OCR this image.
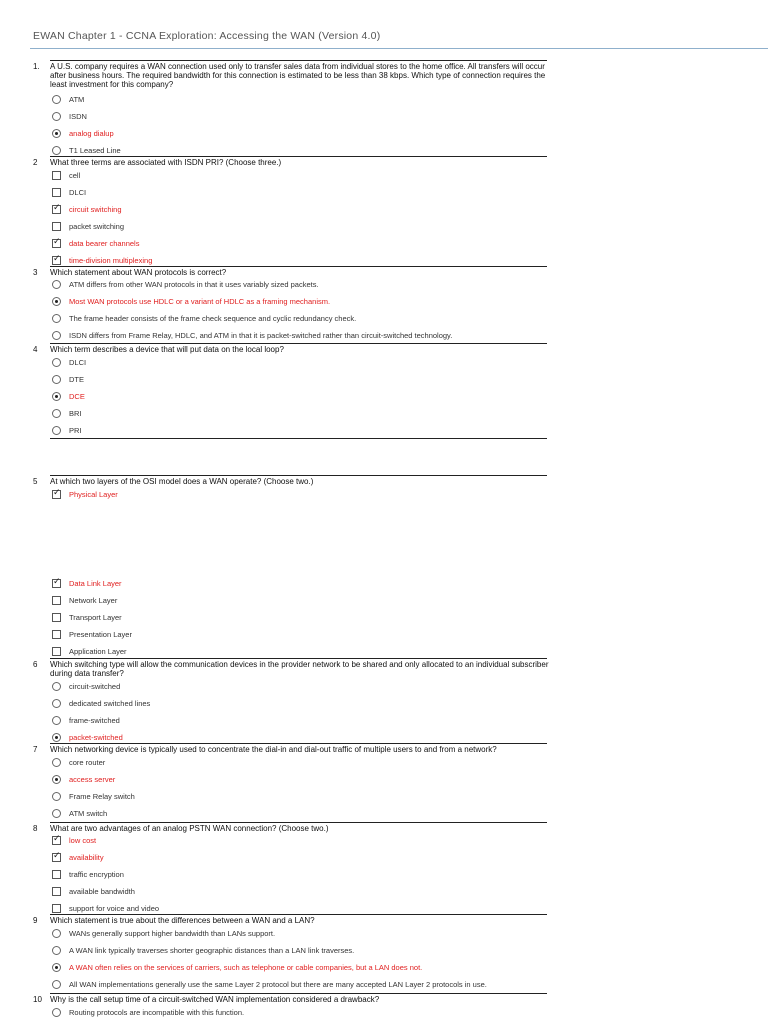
EWAN Chapter 1 - CCNA Exploration: Accessing the WAN (Version 4.0)
1. A U.S. company requires a WAN connection used only to transfer sales data from individual stores to the home office. All transfers will occur after business hours. The required bandwidth for this connection is estimated to be less than 38 kbps. Which type of connection requires the least investment for this company?
ATM
ISDN
analog dialup
T1 Leased Line
2 What three terms are associated with ISDN PRI? (Choose three.)
cell
DLCI
✓
circuit switching
packet switching
✓
data bearer channels
✓
time-division multiplexing
3 Which statement about WAN protocols is correct?
ATM differs from other WAN protocols in that it uses variably sized packets.
Most WAN protocols use HDLC or a variant of HDLC as a framing mechanism.
The frame header consists of the frame check sequence and cyclic redundancy check.
ISDN differs from Frame Relay, HDLC, and ATM in that it is packet-switched rather than circuit-switched technology.
4 Which term describes a device that will put data on the local loop?
DLCI
DTE
DCE
BRI
PRI
5 At which two layers of the OSI model does a WAN operate? (Choose two.)
✓
Physical Layer
✓
Data Link Layer
Network Layer
Transport Layer
Presentation Layer
Application Layer
6 Which switching type will allow the communication devices in the provider network to be shared and only allocated to an individual subscriber during data transfer?
circuit-switched
dedicated switched lines
frame-switched
packet-switched
7 Which networking device is typically used to concentrate the dial-in and dial-out traffic of multiple users to and from a network?
core router
access server
Frame Relay switch
ATM switch
8 What are two advantages of an analog PSTN WAN connection? (Choose two.)
✓
low cost
✓
availability
traffic encryption
available bandwidth
support for voice and video
9 Which statement is true about the differences between a WAN and a LAN?
WANs generally support higher bandwidth than LANs support.
A WAN link typically traverses shorter geographic distances than a LAN link traverses.
A WAN often relies on the services of carriers, such as telephone or cable companies, but a LAN does not.
All WAN implementations generally use the same Layer 2 protocol but there are many accepted LAN Layer 2 protocols in use.
10 Why is the call setup time of a circuit-switched WAN implementation considered a drawback?
Routing protocols are incompatible with this function.
